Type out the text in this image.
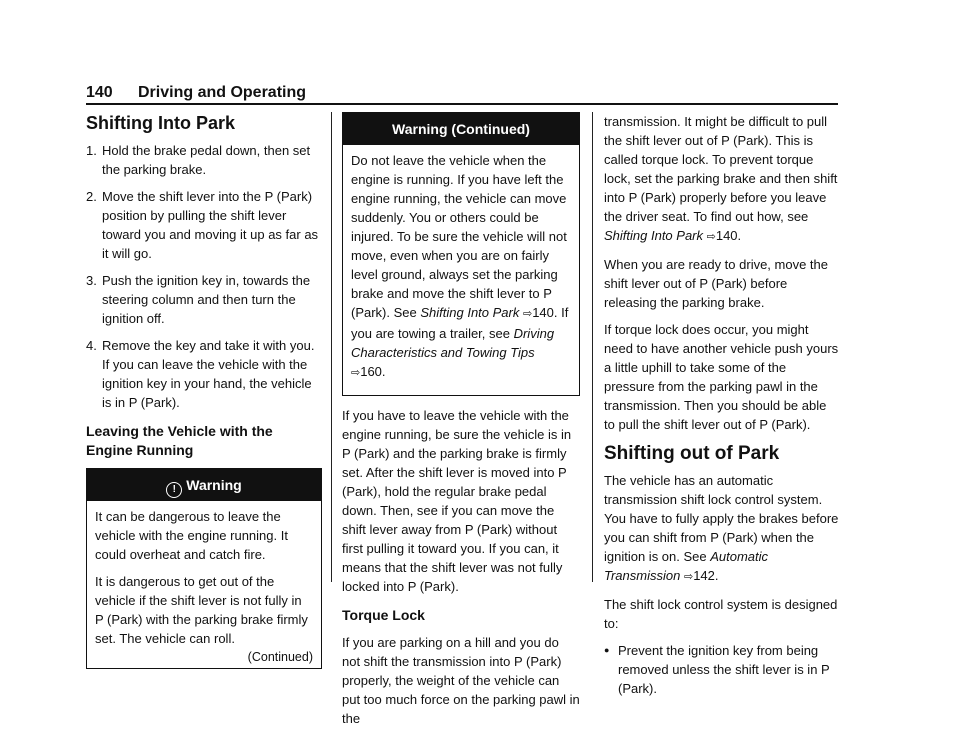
140 Driving and Operating
Shifting Into Park
1. Hold the brake pedal down, then set the parking brake.
2. Move the shift lever into the P (Park) position by pulling the shift lever toward you and moving it up as far as it will go.
3. Push the ignition key in, towards the steering column and then turn the ignition off.
4. Remove the key and take it with you.
If you can leave the vehicle with the ignition key in your hand, the vehicle is in P (Park).
Leaving the Vehicle with the Engine Running
! Warning

It can be dangerous to leave the vehicle with the engine running. It could overheat and catch fire.

It is dangerous to get out of the vehicle if the shift lever is not fully in P (Park) with the parking brake firmly set. The vehicle can roll.

(Continued)
Warning (Continued)

Do not leave the vehicle when the engine is running. If you have left the engine running, the vehicle can move suddenly. You or others could be injured. To be sure the vehicle will not move, even when you are on fairly level ground, always set the parking brake and move the shift lever to P (Park). See Shifting Into Park ⇨140. If you are towing a trailer, see Driving Characteristics and Towing Tips ⇨160.

If you have to leave the vehicle with the engine running, be sure the vehicle is in P (Park) and the parking brake is firmly set. After the shift lever is moved into P (Park), hold the regular brake pedal down. Then, see if you can move the shift lever away from P (Park) without first pulling it toward you. If you can, it means that the shift lever was not fully locked into P (Park).

Torque Lock

If you are parking on a hill and you do not shift the transmission into P (Park) properly, the weight of the vehicle can put too much force on the parking pawl in the

transmission. It might be difficult to pull the shift lever out of P (Park). This is called torque lock. To prevent torque lock, set the parking brake and then shift into P (Park) properly before you leave the driver seat. To find out how, see Shifting Into Park ⇨140.

When you are ready to drive, move the shift lever out of P (Park) before releasing the parking brake.

If torque lock does occur, you might need to have another vehicle push yours a little uphill to take some of the pressure from the parking pawl in the transmission. Then you should be able to pull the shift lever out of P (Park).

Shifting out of Park

The vehicle has an automatic transmission shift lock control system. You have to fully apply the brakes before you can shift from P (Park) when the ignition is on. See Automatic Transmission ⇨142.

The shift lock control system is designed to:

● Prevent the ignition key from being removed unless the shift lever is in P (Park).
